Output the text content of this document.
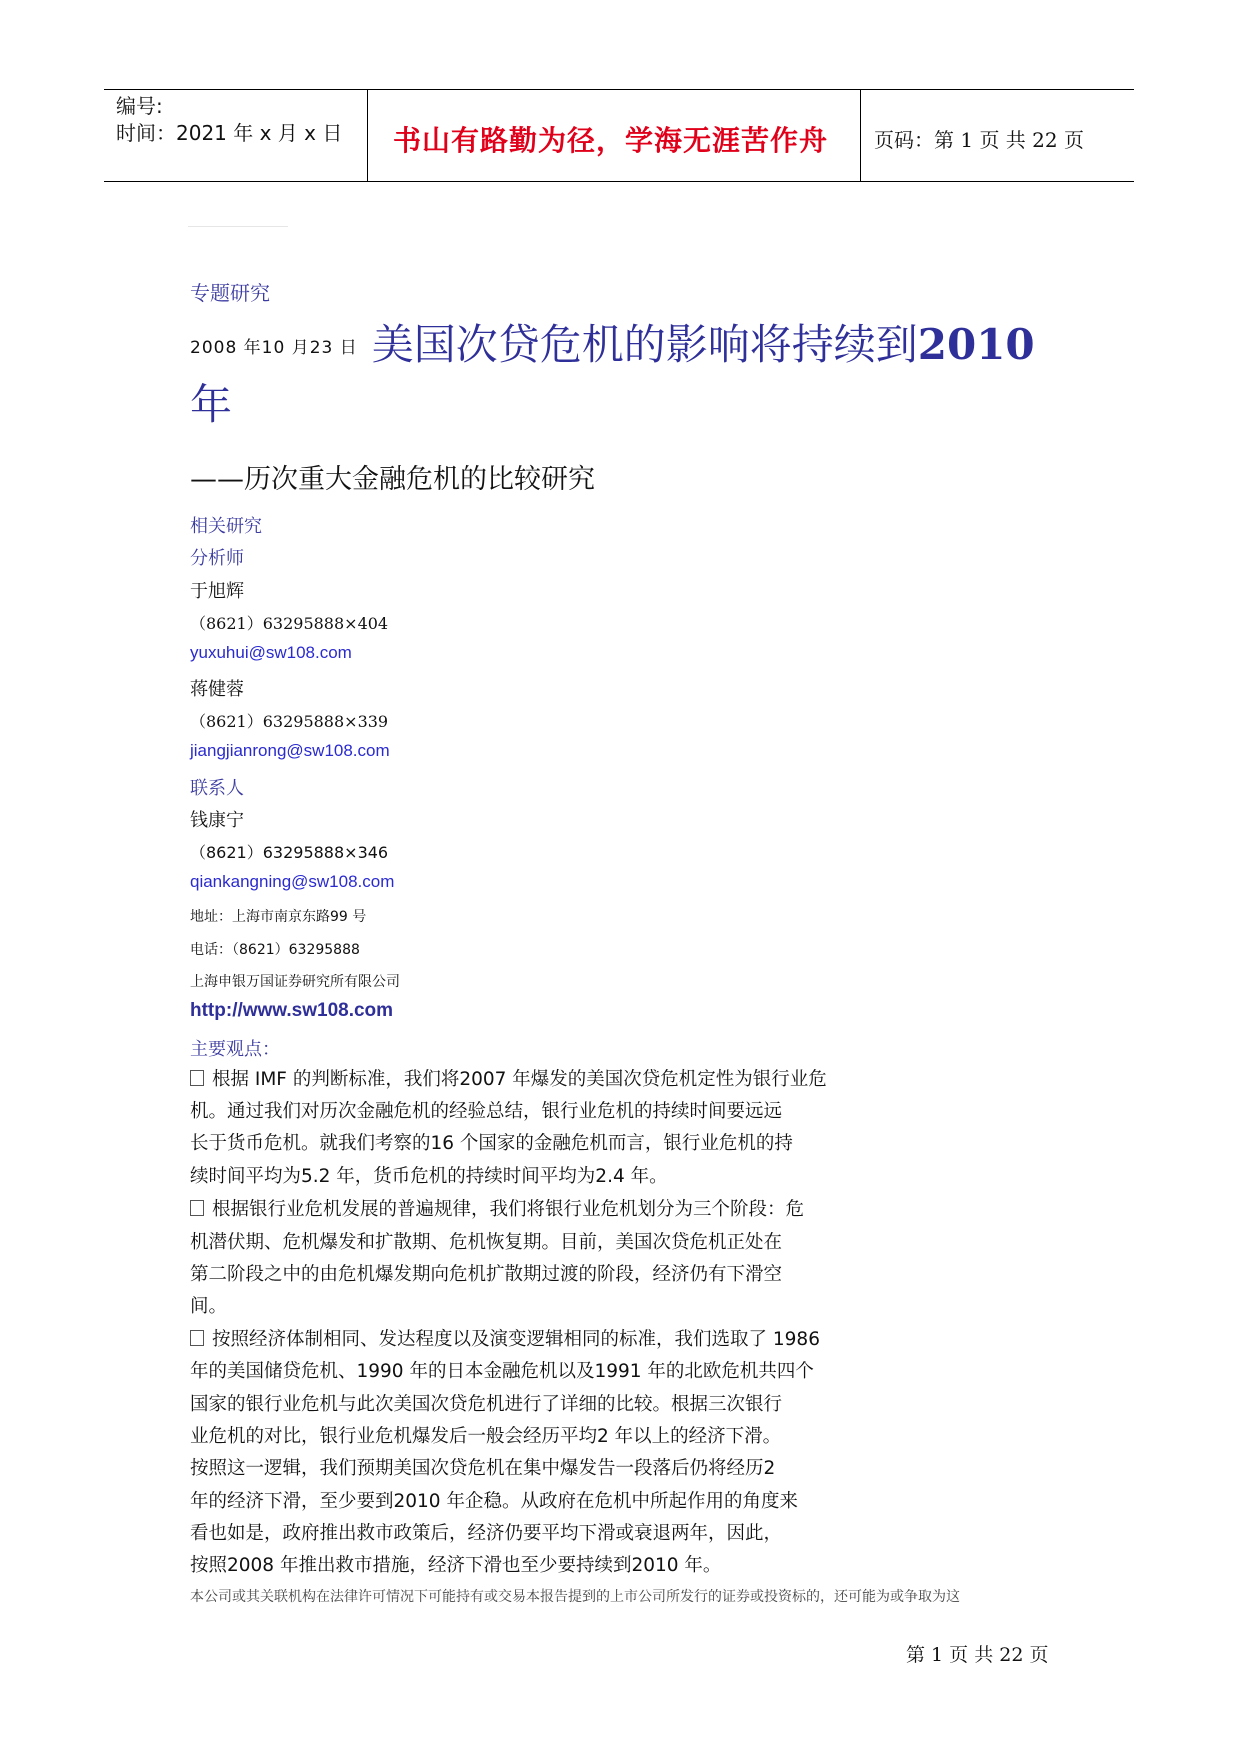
编号:
时间：2021 年 x 月 x 日 书山有路勤为径，学海无涯苦作舟 页码：第 1 页 共 22 页
专题研究
2008 年10 月23 日 美国次贷危机的影响将持续到2010
年
——历次重大金融危机的比较研究
相关研究
分析师
于旭辉
（8621）63295888×404
yuxuhui@sw108.com
蒋健蓉
（8621）63295888×339
jiangjianrong@sw108.com
联系人
钱康宁
（8621）63295888×346
qiankangning@sw108.com
地址：上海市南京东路99 号
电话：（8621）63295888
上海申银万国证券研究所有限公司
http://www.sw108.com
主要观点：
根据 IMF 的判断标准，我们将2007 年爆发的美国次贷危机定性为银行业危
机。通过我们对历次金融危机的经验总结，银行业危机的持续时间要远远
长于货币危机。就我们考察的16 个国家的金融危机而言，银行业危机的持
续时间平均为5.2 年，货币危机的持续时间平均为2.4 年。
根据银行业危机发展的普遍规律，我们将银行业危机划分为三个阶段：危
机潜伏期、危机爆发和扩散期、危机恢复期。目前，美国次贷危机正处在
第二阶段之中的由危机爆发期向危机扩散期过渡的阶段，经济仍有下滑空
间。
按照经济体制相同、发达程度以及演变逻辑相同的标准，我们选取了 1986
年的美国储贷危机、1990 年的日本金融危机以及1991 年的北欧危机共四个
国家的银行业危机与此次美国次贷危机进行了详细的比较。根据三次银行
业危机的对比，银行业危机爆发后一般会经历平均2 年以上的经济下滑。
按照这一逻辑，我们预期美国次贷危机在集中爆发告一段落后仍将经历2
年的经济下滑，至少要到2010 年企稳。从政府在危机中所起作用的角度来
看也如是，政府推出救市政策后，经济仍要平均下滑或衰退两年，因此，
按照2008 年推出救市措施，经济下滑也至少要持续到2010 年。
本公司或其关联机构在法律许可情况下可能持有或交易本报告提到的上市公司所发行的证券或投资标的，还可能为或争取为这
第 1 页 共 22 页
